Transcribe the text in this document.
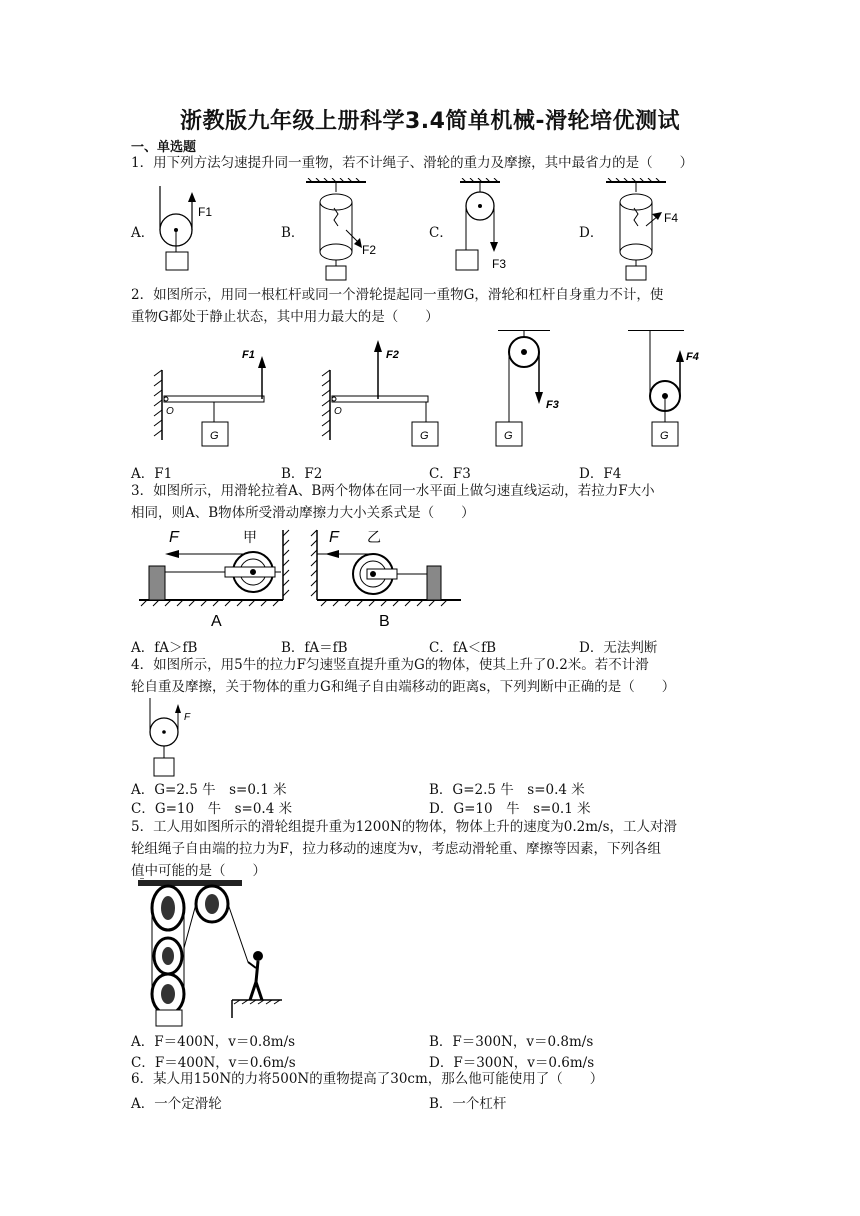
浙教版九年级上册科学3.4简单机械-滑轮培优测试
一、单选题
1．用下列方法匀速提升同一重物，若不计绳子、滑轮的重力及摩擦，其中最省力的是（　　）
A．	B．	C．	D．
F1
F2
F3
F4
2．如图所示，用同一根杠杆或同一个滑轮提起同一重物G，滑轮和杠杆自身重力不计，使
重物G都处于静止状态，其中用力最大的是（　　）
O
F1
G
O
F2
G
F3
G
F4
G
A．F1	B．F2	C．F3	D．F4
3．如图所示，用滑轮拉着A、B两个物体在同一水平面上做匀速直线运动，若拉力F大小
相同，则A、B物体所受滑动摩擦力大小关系式是（　　）
F	甲
A
F 乙
B
A．fA＞fB	B．fA＝fB	C．fA＜fB	D．无法判断
4．如图所示，用5牛的拉力F匀速竖直提升重为G的物体，使其上升了0.2米。若不计滑
轮自重及摩擦，关于物体的重力G和绳子自由端移动的距离s，下列判断中正确的是（　　）
F
A．G=2.5 牛　s=0.1 米	B．G=2.5 牛　s=0.4 米
C．G=10　牛　s=0.4 米	D．G=10　牛　s=0.1 米
5．工人用如图所示的滑轮组提升重为1200N的物体，物体上升的速度为0.2m/s，工人对滑
轮组绳子自由端的拉力为F，拉力移动的速度为v，考虑动滑轮重、摩擦等因素，下列各组
值中可能的是（　　）
A．F＝400N，v＝0.8m/s	B．F＝300N，v＝0.8m/s
C．F＝400N，v＝0.6m/s	D．F＝300N，v＝0.6m/s
6．某人用150N的力将500N的重物提高了30cm，那么他可能使用了（　　）
A．一个定滑轮	B．一个杠杆
